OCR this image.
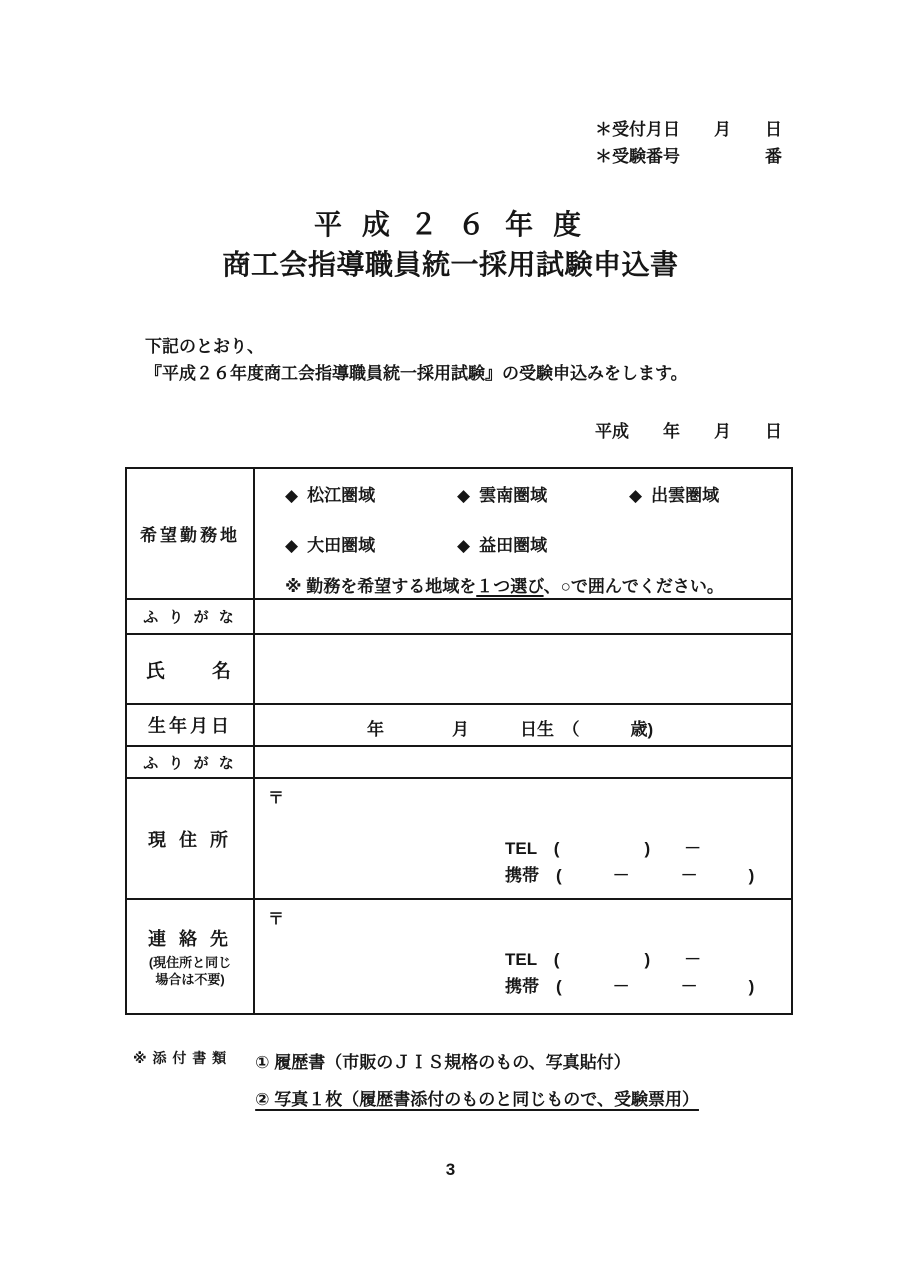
＊受付月日　　月　　日
＊受験番号　　　　　番
平 成 ２ ６ 年 度
商工会指導職員統一採用試験申込書
下記のとおり、
『平成２６年度商工会指導職員統一採用試験』の受験申込みをします。
平成　　年　　月　　日
希望勤務地
◆ 松江圏域	◆ 雲南圏域	◆ 出雲圏域
◆ 大田圏域	◆ 益田圏域
※ 勤務を希望する地域を１つ選び、○で囲んでください。
ふ り が な
氏　　名
生年月日	年　　　　月　　　日生　（　　　歳)
ふ り が な
現 住 所
〒
TEL　(　　　　　)　　－
携帯　(　　　－　　　－　　　)
連 絡 先
(現住所と同じ
場合は不要)
〒
TEL　(　　　　　)　　－
携帯　(　　　－　　　－　　　)
※ 添 付 書 類 ① 履歴書（市販のＪＩＳ規格のもの、写真貼付）
② 写真１枚（履歴書添付のものと同じもので、受験票用）
3
